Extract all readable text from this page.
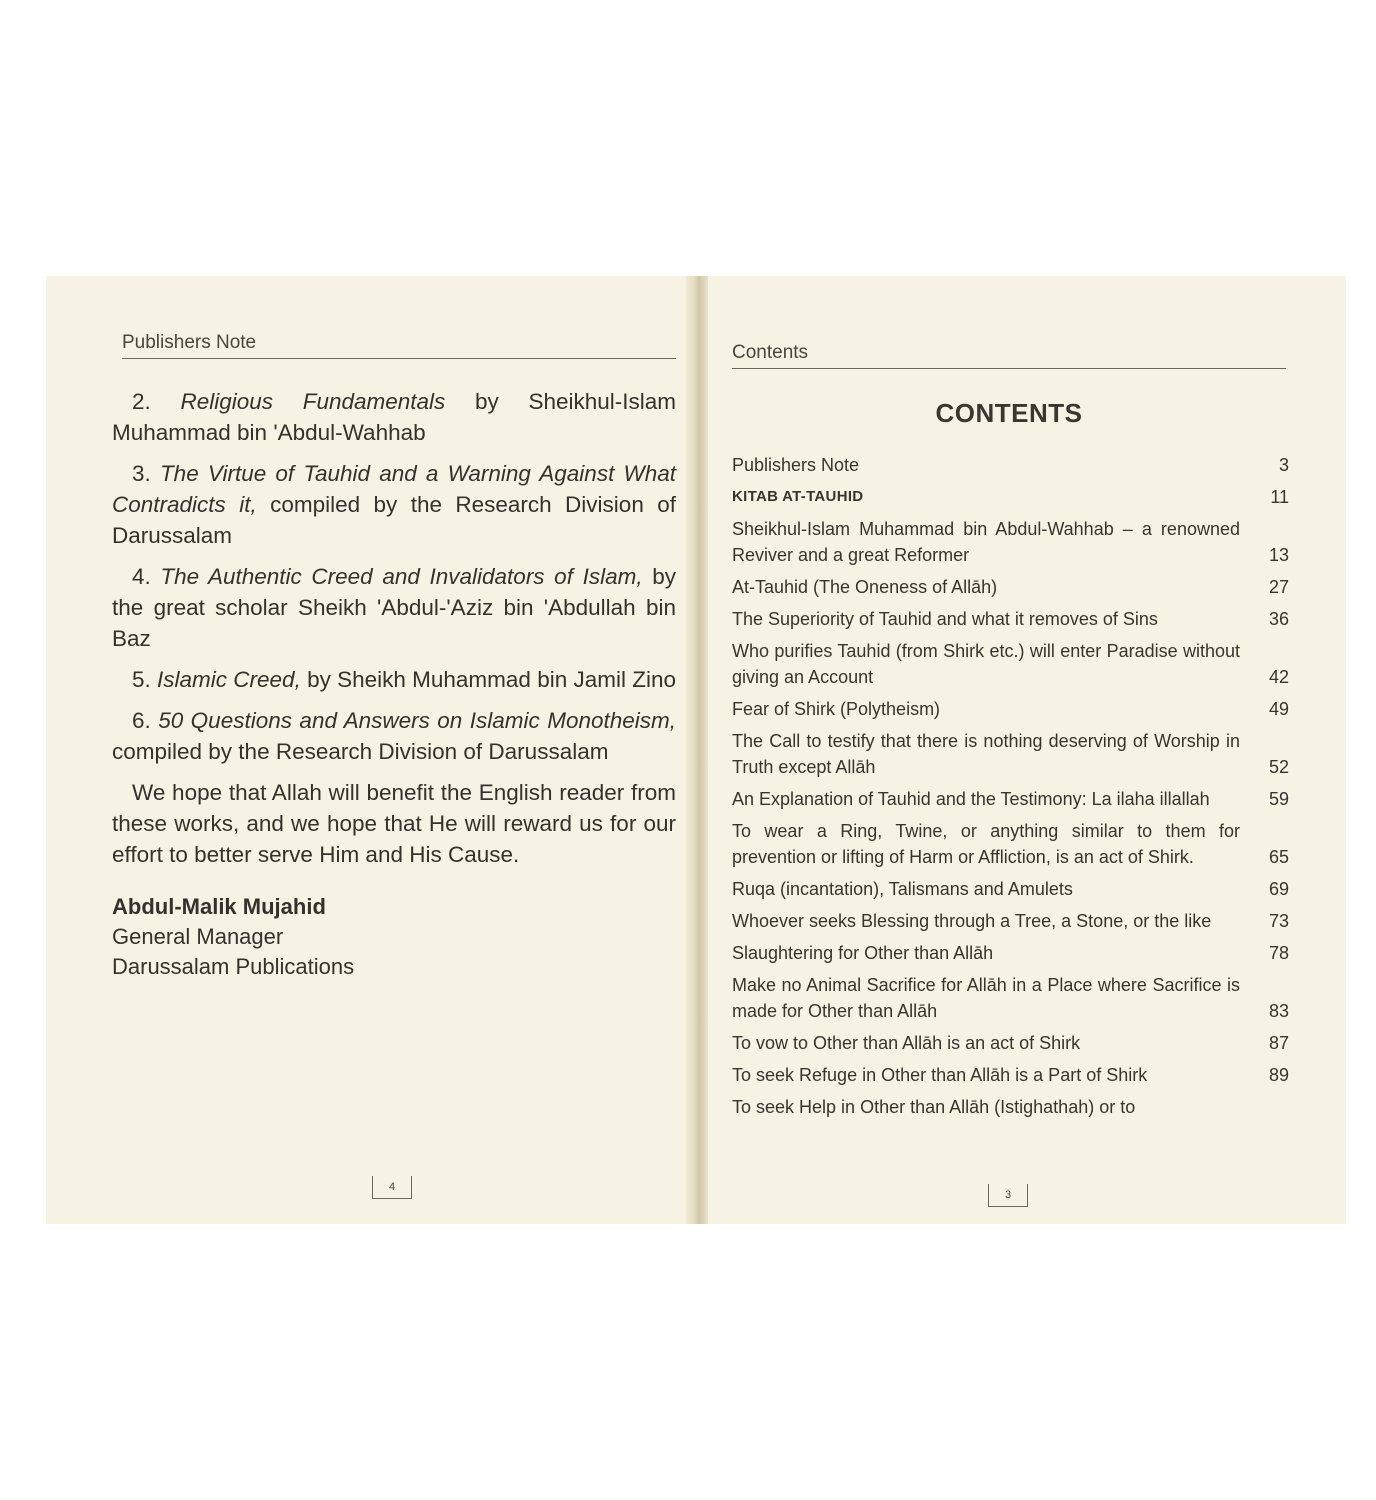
Publishers Note

2. Religious Fundamentals by Sheikhul-Islam Muhammad bin 'Abdul-Wahhab

3. The Virtue of Tauhid and a Warning Against What Contradicts it, compiled by the Research Division of Darussalam

4. The Authentic Creed and Invalidators of Islam, by the great scholar Sheikh 'Abdul-'Aziz bin 'Abdullah bin Baz

5. Islamic Creed, by Sheikh Muhammad bin Jamil Zino

6. 50 Questions and Answers on Islamic Monotheism, compiled by the Research Division of Darussalam

We hope that Allah will benefit the English reader from these works, and we hope that He will reward us for our effort to better serve Him and His Cause.

Abdul-Malik Mujahid
General Manager
Darussalam Publications
4
Contents
CONTENTS
Publishers Note	3
KITAB AT-TAUHID	11
Sheikhul-Islam Muhammad bin Abdul-Wahhab – a renowned Reviver and a great Reformer	13
At-Tauhid (The Oneness of Allāh)	27
The Superiority of Tauhid and what it removes of Sins	36
Who purifies Tauhid (from Shirk etc.) will enter Paradise without giving an Account	42
Fear of Shirk (Polytheism)	49
The Call to testify that there is nothing deserving of Worship in Truth except Allāh	52
An Explanation of Tauhid and the Testimony: La ilaha illallah	59
To wear a Ring, Twine, or anything similar to them for prevention or lifting of Harm or Affliction, is an act of Shirk.	65
Ruqa (incantation), Talismans and Amulets	69
Whoever seeks Blessing through a Tree, a Stone, or the like	73
Slaughtering for Other than Allāh	78
Make no Animal Sacrifice for Allāh in a Place where Sacrifice is made for Other than Allāh	83
To vow to Other than Allāh is an act of Shirk	87
To seek Refuge in Other than Allāh is a Part of Shirk	89
To seek Help in Other than Allāh (Istighathah) or to
3
